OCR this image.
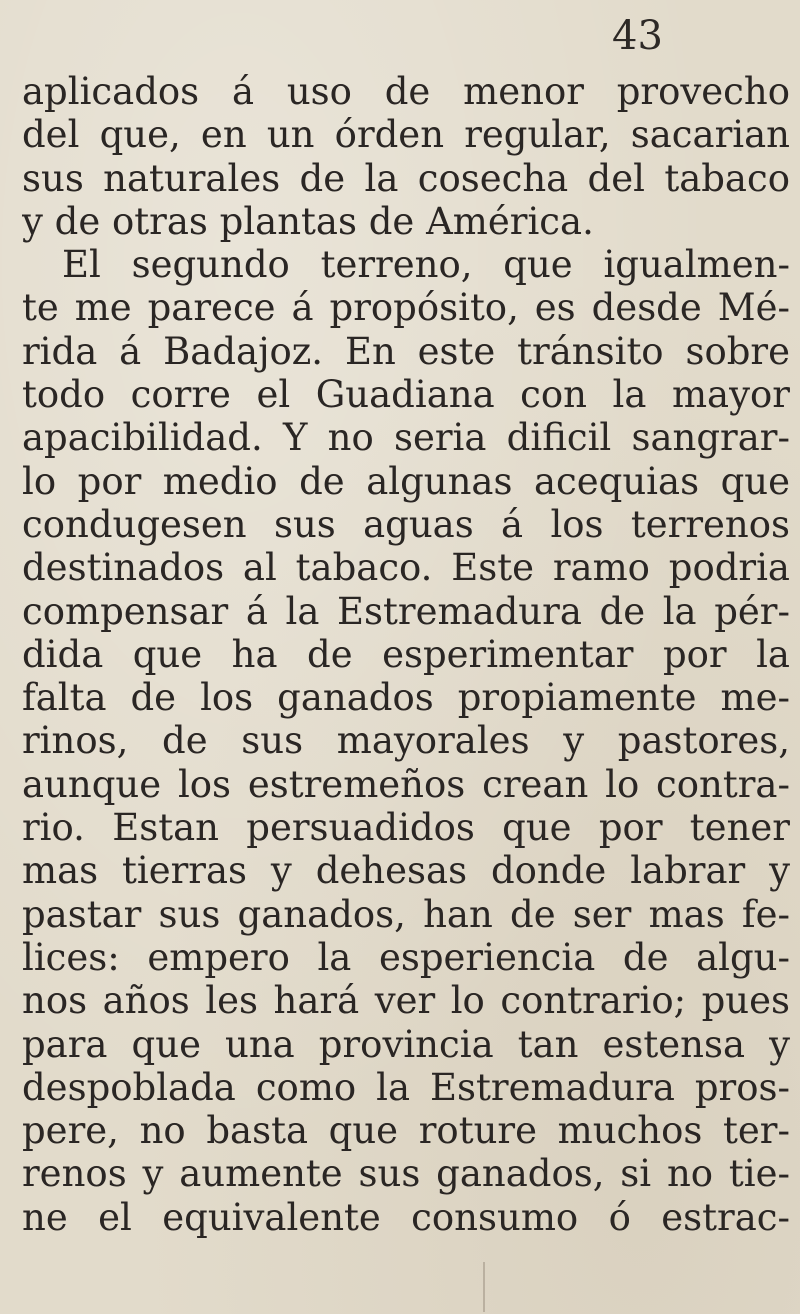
43
aplicados á uso de menor provecho
del que, en un órden regular, sacarian
sus naturales de la cosecha del tabaco
y de otras plantas de América.
El segundo terreno, que igualmen-
te me parece á propósito, es desde Mé-
rida á Badajoz. En este tránsito sobre
todo corre el Guadiana con la mayor
apacibilidad. Y no seria dificil sangrar-
lo por medio de algunas acequias que
condugesen sus aguas á los terrenos
destinados al tabaco. Este ramo podria
compensar á la Estremadura de la pér-
dida que ha de esperimentar por la
falta de los ganados propiamente me-
rinos, de sus mayorales y pastores,
aunque los estremeños crean lo contra-
rio. Estan persuadidos que por tener
mas tierras y dehesas donde labrar y
pastar sus ganados, han de ser mas fe-
lices: empero la esperiencia de algu-
nos años les hará ver lo contrario; pues
para que una provincia tan estensa y
despoblada como la Estremadura pros-
pere, no basta que roture muchos ter-
renos y aumente sus ganados, si no tie-
ne el equivalente consumo ó estrac-
